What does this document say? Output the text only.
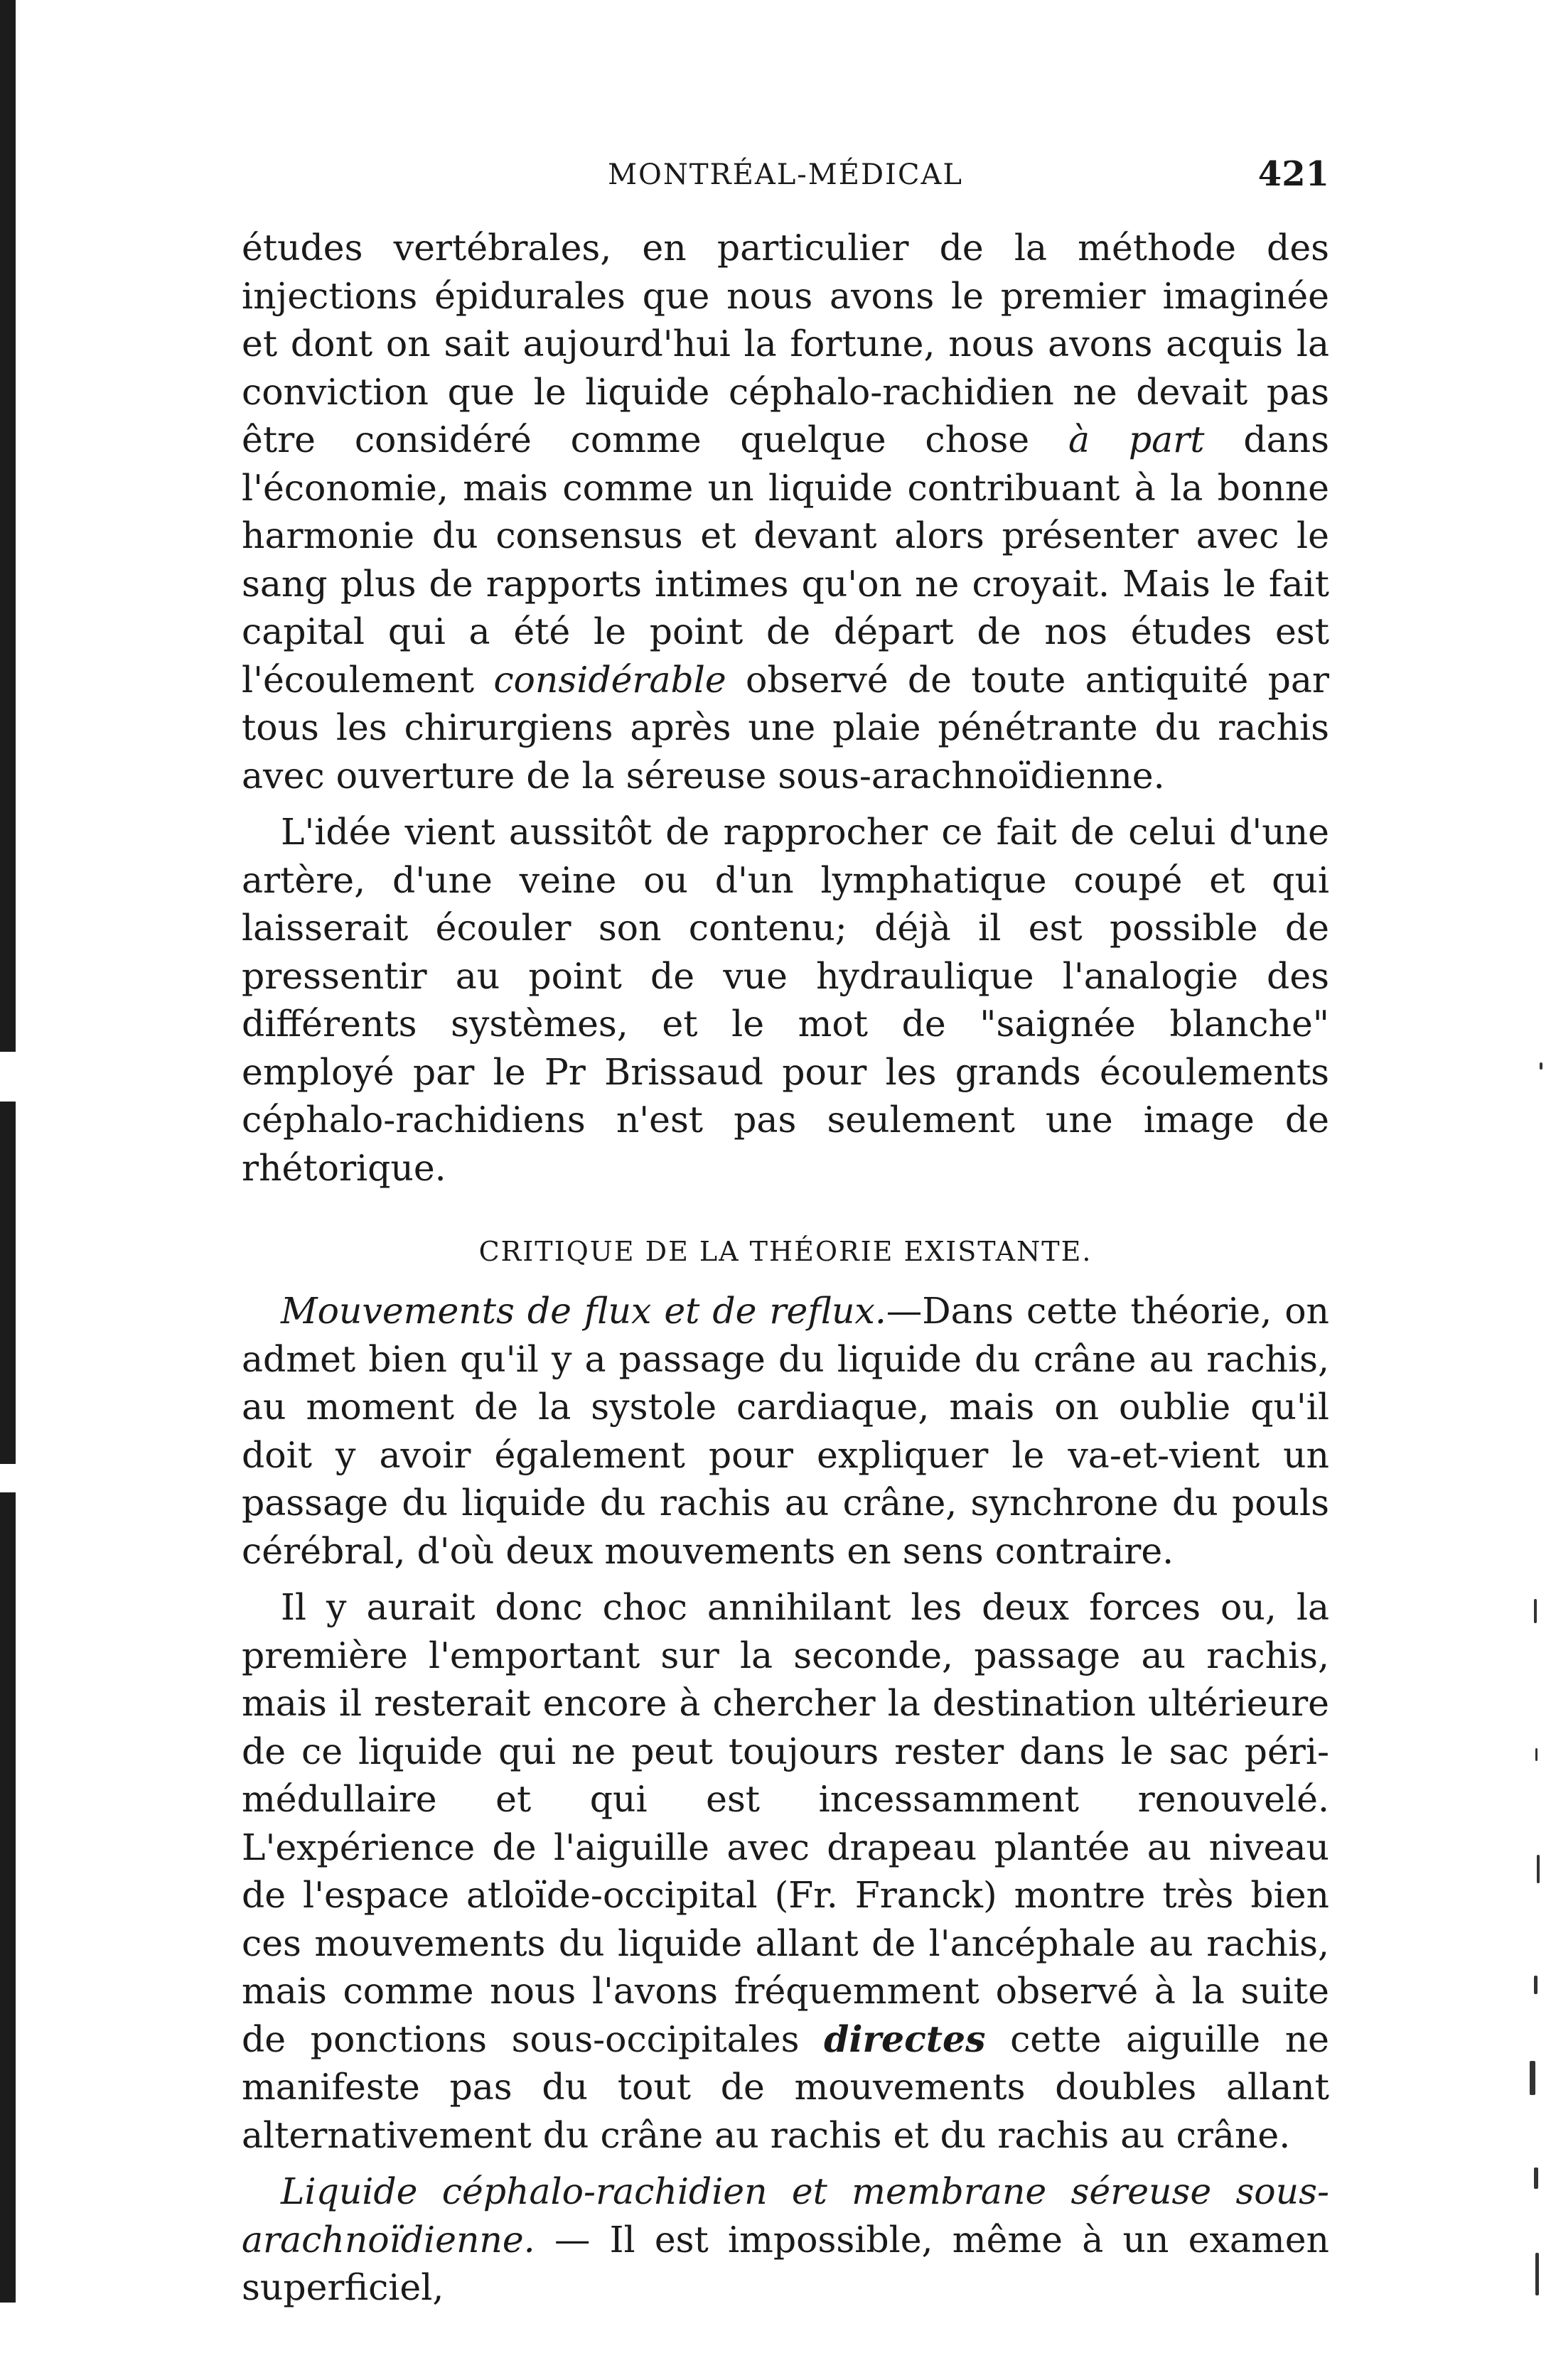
MONTRÉAL-MÉDICAL	421

études vertébrales, en particulier de la méthode des injections épidurales que nous avons le premier imaginée et dont on sait aujourd'hui la fortune, nous avons acquis la conviction que le liquide céphalo-rachidien ne devait pas être considéré comme quelque chose à part dans l'économie, mais comme un liquide contribuant à la bonne harmonie du consensus et devant alors présenter avec le sang plus de rapports intimes qu'on ne croyait. Mais le fait capital qui a été le point de départ de nos études est l'écoulement considérable observé de toute antiquité par tous les chirurgiens après une plaie pénétrante du rachis avec ouverture de la séreuse sous-arachnoïdienne.

L'idée vient aussitôt de rapprocher ce fait de celui d'une artère, d'une veine ou d'un lymphatique coupé et qui laisserait écouler son contenu; déjà il est possible de pressentir au point de vue hydraulique l'analogie des différents systèmes, et le mot de "saignée blanche" employé par le Pr Brissaud pour les grands écoulements céphalo-rachidiens n'est pas seulement une image de rhétorique.

CRITIQUE DE LA THÉORIE EXISTANTE.

Mouvements de flux et de reflux.—Dans cette théorie, on admet bien qu'il y a passage du liquide du crâne au rachis, au moment de la systole cardiaque, mais on oublie qu'il doit y avoir également pour expliquer le va-et-vient un passage du liquide du rachis au crâne, synchrone du pouls cérébral, d'où deux mouvements en sens contraire.

Il y aurait donc choc annihilant les deux forces ou, la première l'emportant sur la seconde, passage au rachis, mais il resterait encore à chercher la destination ultérieure de ce liquide qui ne peut toujours rester dans le sac péri-médullaire et qui est incessamment renouvelé. L'expérience de l'aiguille avec drapeau plantée au niveau de l'espace atloïde-occipital (Fr. Franck) montre très bien ces mouvements du liquide allant de l'ancéphale au rachis, mais comme nous l'avons fréquemment observé à la suite de ponctions sous-occipitales directes cette aiguille ne manifeste pas du tout de mouvements doubles allant alternativement du crâne au rachis et du rachis au crâne.

Liquide céphalo-rachidien et membrane séreuse sous-arachnoïdienne. — Il est impossible, même à un examen superficiel,
